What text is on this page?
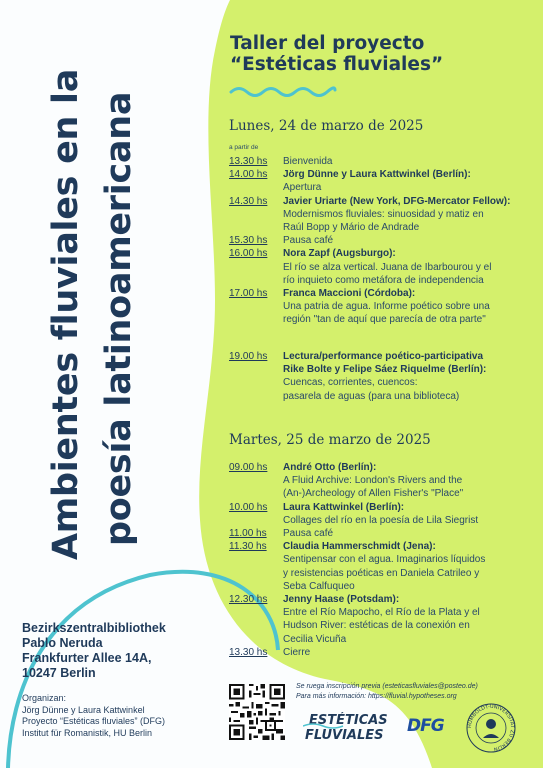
Ambientes fluviales en la poesía latinoamericana
Taller del proyecto
“Estéticas fluviales”
Lunes, 24 de marzo de 2025
a partir de
13.30 hs	Bienvenida
14.00 hs	Jörg Dünne y Laura Kattwinkel (Berlín):
Apertura
14.30 hs	Javier Uriarte (New York, DFG-Mercator Fellow):
Modernismos fluviales: sinuosidad y matiz en
Raúl Bopp y Mário de Andrade
15.30 hs	Pausa café
16.00 hs	Nora Zapf (Augsburgo):
El río se alza vertical. Juana de Ibarbourou y el
río inquieto como metáfora de independencia
17.00 hs	Franca Maccioni (Córdoba):
Una patria de agua. Informe poético sobre una
región "tan de aquí que parecía de otra parte"
19.00 hs	Lectura/performance poético-participativa
Rike Bolte y Felipe Sáez Riquelme (Berlín):
Cuencas, corrientes, cuencos:
pasarela de aguas (para una biblioteca)
Martes, 25 de marzo de 2025
09.00 hs	André Otto (Berlín):
A Fluid Archive: London's Rivers and the
(An-)Archeology of Allen Fisher's "Place"
10.00 hs	Laura Kattwinkel (Berlín):
Collages del río en la poesía de Lila Siegrist
11.00 hs	Pausa café
11.30 hs	Claudia Hammerschmidt (Jena):
Sentipensar con el agua. Imaginarios líquidos
y resistencias poéticas en Daniela Catrileo y
Seba Calfuqueo
12.30 hs	Jenny Haase (Potsdam):
Entre el Río Mapocho, el Río de la Plata y el
Hudson River: estéticas de la conexión en
Cecilia Vicuña
13.30 hs	Cierre
Bezirkszentralbibliothek
Pablo Neruda
Frankfurter Allee 14A,
10247 Berlin
Organizan:
Jörg Dünne y Laura Kattwinkel
Proyecto “Estéticas fluviales” (DFG)
Institut für Romanistik, HU Berlin
Se ruega inscripción previa (esteticasfluviales@posteo.de)
Para más información: https://fluvial.hypotheses.org
ESTÉTICAS
FLUVIALES DFG	HUMBOLDT-UNIVERSITÄT ZU BERLIN
